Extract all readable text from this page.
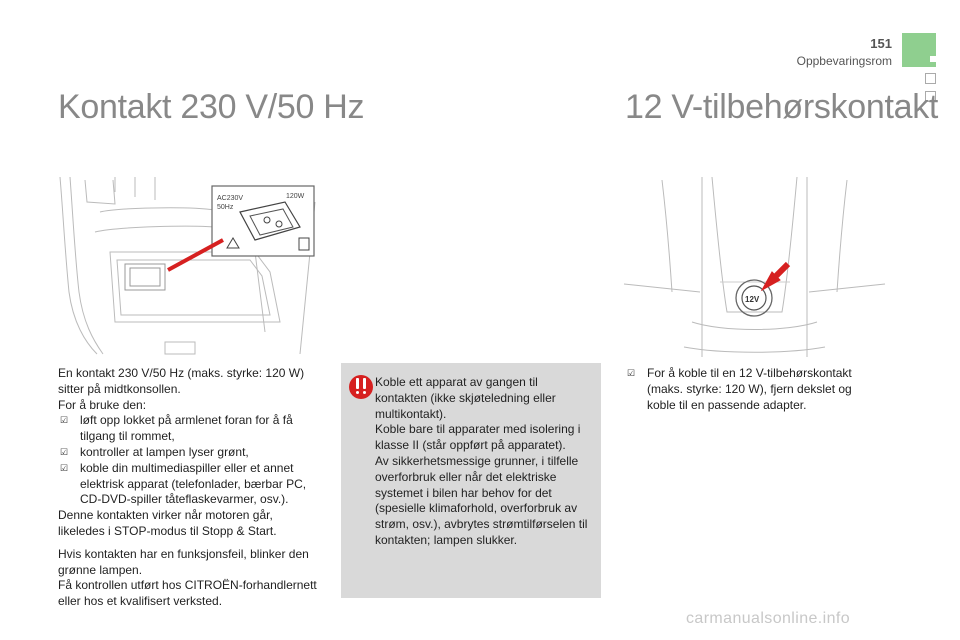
151
Oppbevaringsrom
Kontakt 230 V/50 Hz
AC230V
50Hz
120W

En kontakt 230 V/50 Hz (maks. styrke: 120 W) sitter på midtkonsollen.

For å bruke den:

☑ løft opp lokket på armlenet foran for å få tilgang til rommet,
☑ kontroller at lampen lyser grønt,
☑ koble din multimediaspiller eller et annet elektrisk apparat (telefonlader, bærbar PC, CD-DVD-spiller tåteflaskevarmer, osv.).

Denne kontakten virker når motoren går, likeledes i STOP-modus til Stopp & Start.

Hvis kontakten har en funksjonsfeil, blinker den grønne lampen.

Få kontrollen utført hos CITROËN-forhandlernett eller hos et kvalifisert verksted.

Koble ett apparat av gangen til kontakten (ikke skjøteledning eller multikontakt).

Koble bare til apparater med isolering i klasse II (står oppført på apparatet).

Av sikkerhetsmessige grunner, i tilfelle overforbruk eller når det elektriske systemet i bilen har behov for det (spesielle klimaforhold, overforbruk av strøm, osv.), avbrytes strømtilførselen til kontakten; lampen slukker.

12 V-tilbehørskontakt
12V
☑ For å koble til en 12 V-tilbehørskontakt (maks. styrke: 120 W), fjern dekslet og koble til en passende adapter.
carmanualsonline.info
